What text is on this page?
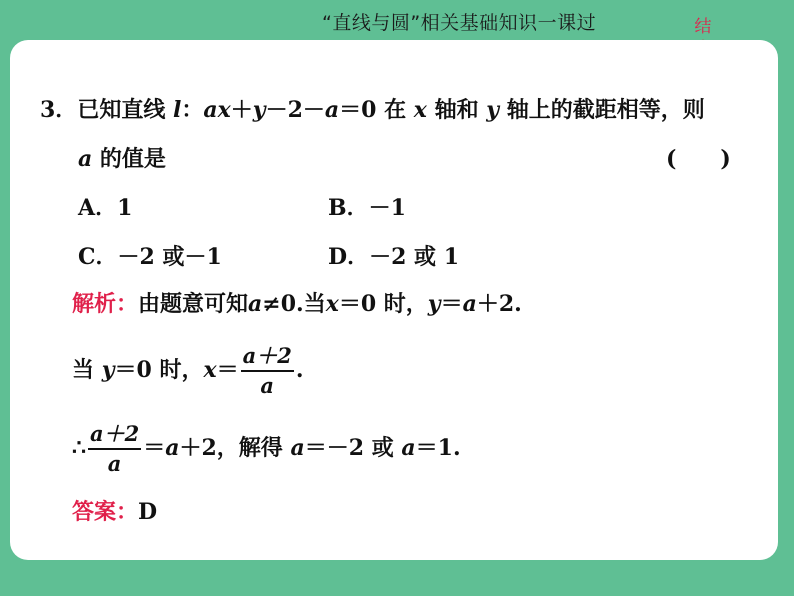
“直线与圆”相关基础知识一课过	结
3．已知直线 l：ax＋y－2－a＝0 在 x 轴和 y 轴上的截距相等，则
a 的值是	(　　)
A．1	B．－1
C．－2 或－1	D．－2 或 1
解析：由题意可知a≠0.当x＝0 时，y＝a＋2.
当 y＝0 时，$x= \frac{a+2}{a}$ .
∴ $\frac{a+2}{a} =a+2$，解得 a＝－2 或 a＝1.
答案：D
